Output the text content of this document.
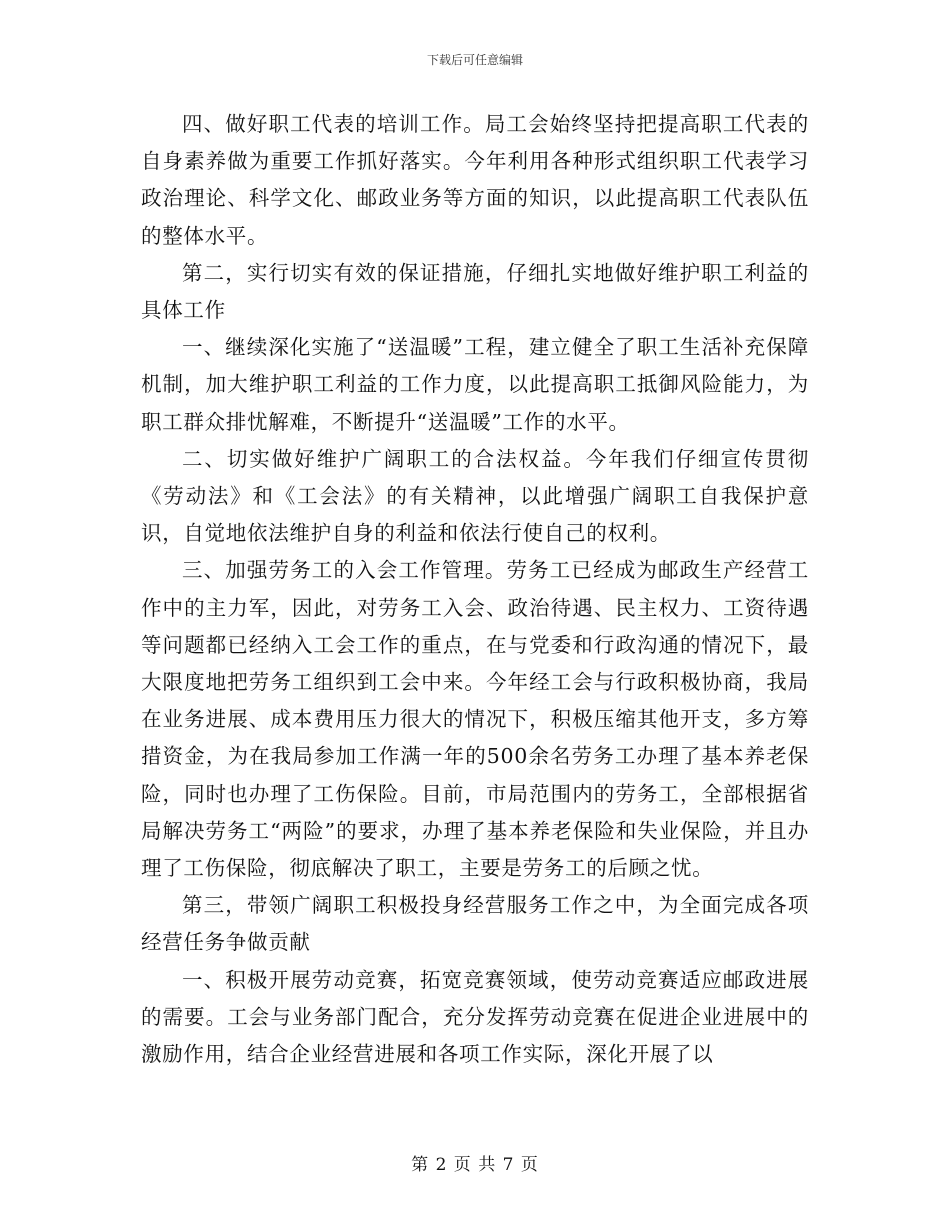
下载后可任意编辑

四、做好职工代表的培训工作。局工会始终坚持把提高职工代表的自身素养做为重要工作抓好落实。今年利用各种形式组织职工代表学习政治理论、科学文化、邮政业务等方面的知识，以此提高职工代表队伍的整体水平。

第二，实行切实有效的保证措施，仔细扎实地做好维护职工利益的具体工作

一、继续深化实施了“送温暖”工程，建立健全了职工生活补充保障机制，加大维护职工利益的工作力度，以此提高职工抵御风险能力，为职工群众排忧解难，不断提升“送温暖”工作的水平。

二、切实做好维护广阔职工的合法权益。今年我们仔细宣传贯彻《劳动法》和《工会法》的有关精神，以此增强广阔职工自我保护意识，自觉地依法维护自身的利益和依法行使自己的权利。

三、加强劳务工的入会工作管理。劳务工已经成为邮政生产经营工作中的主力军，因此，对劳务工入会、政治待遇、民主权力、工资待遇等问题都已经纳入工会工作的重点，在与党委和行政沟通的情况下，最大限度地把劳务工组织到工会中来。今年经工会与行政积极协商，我局在业务进展、成本费用压力很大的情况下，积极压缩其他开支，多方筹措资金，为在我局参加工作满一年的500余名劳务工办理了基本养老保险，同时也办理了工伤保险。目前，市局范围内的劳务工，全部根据省局解决劳务工“两险”的要求，办理了基本养老保险和失业保险，并且办理了工伤保险，彻底解决了职工，主要是劳务工的后顾之忧。

第三，带领广阔职工积极投身经营服务工作之中，为全面完成各项经营任务争做贡献

一、积极开展劳动竞赛，拓宽竞赛领域，使劳动竞赛适应邮政进展的需要。工会与业务部门配合，充分发挥劳动竞赛在促进企业进展中的激励作用，结合企业经营进展和各项工作实际，深化开展了以

第 2 页 共 7 页
